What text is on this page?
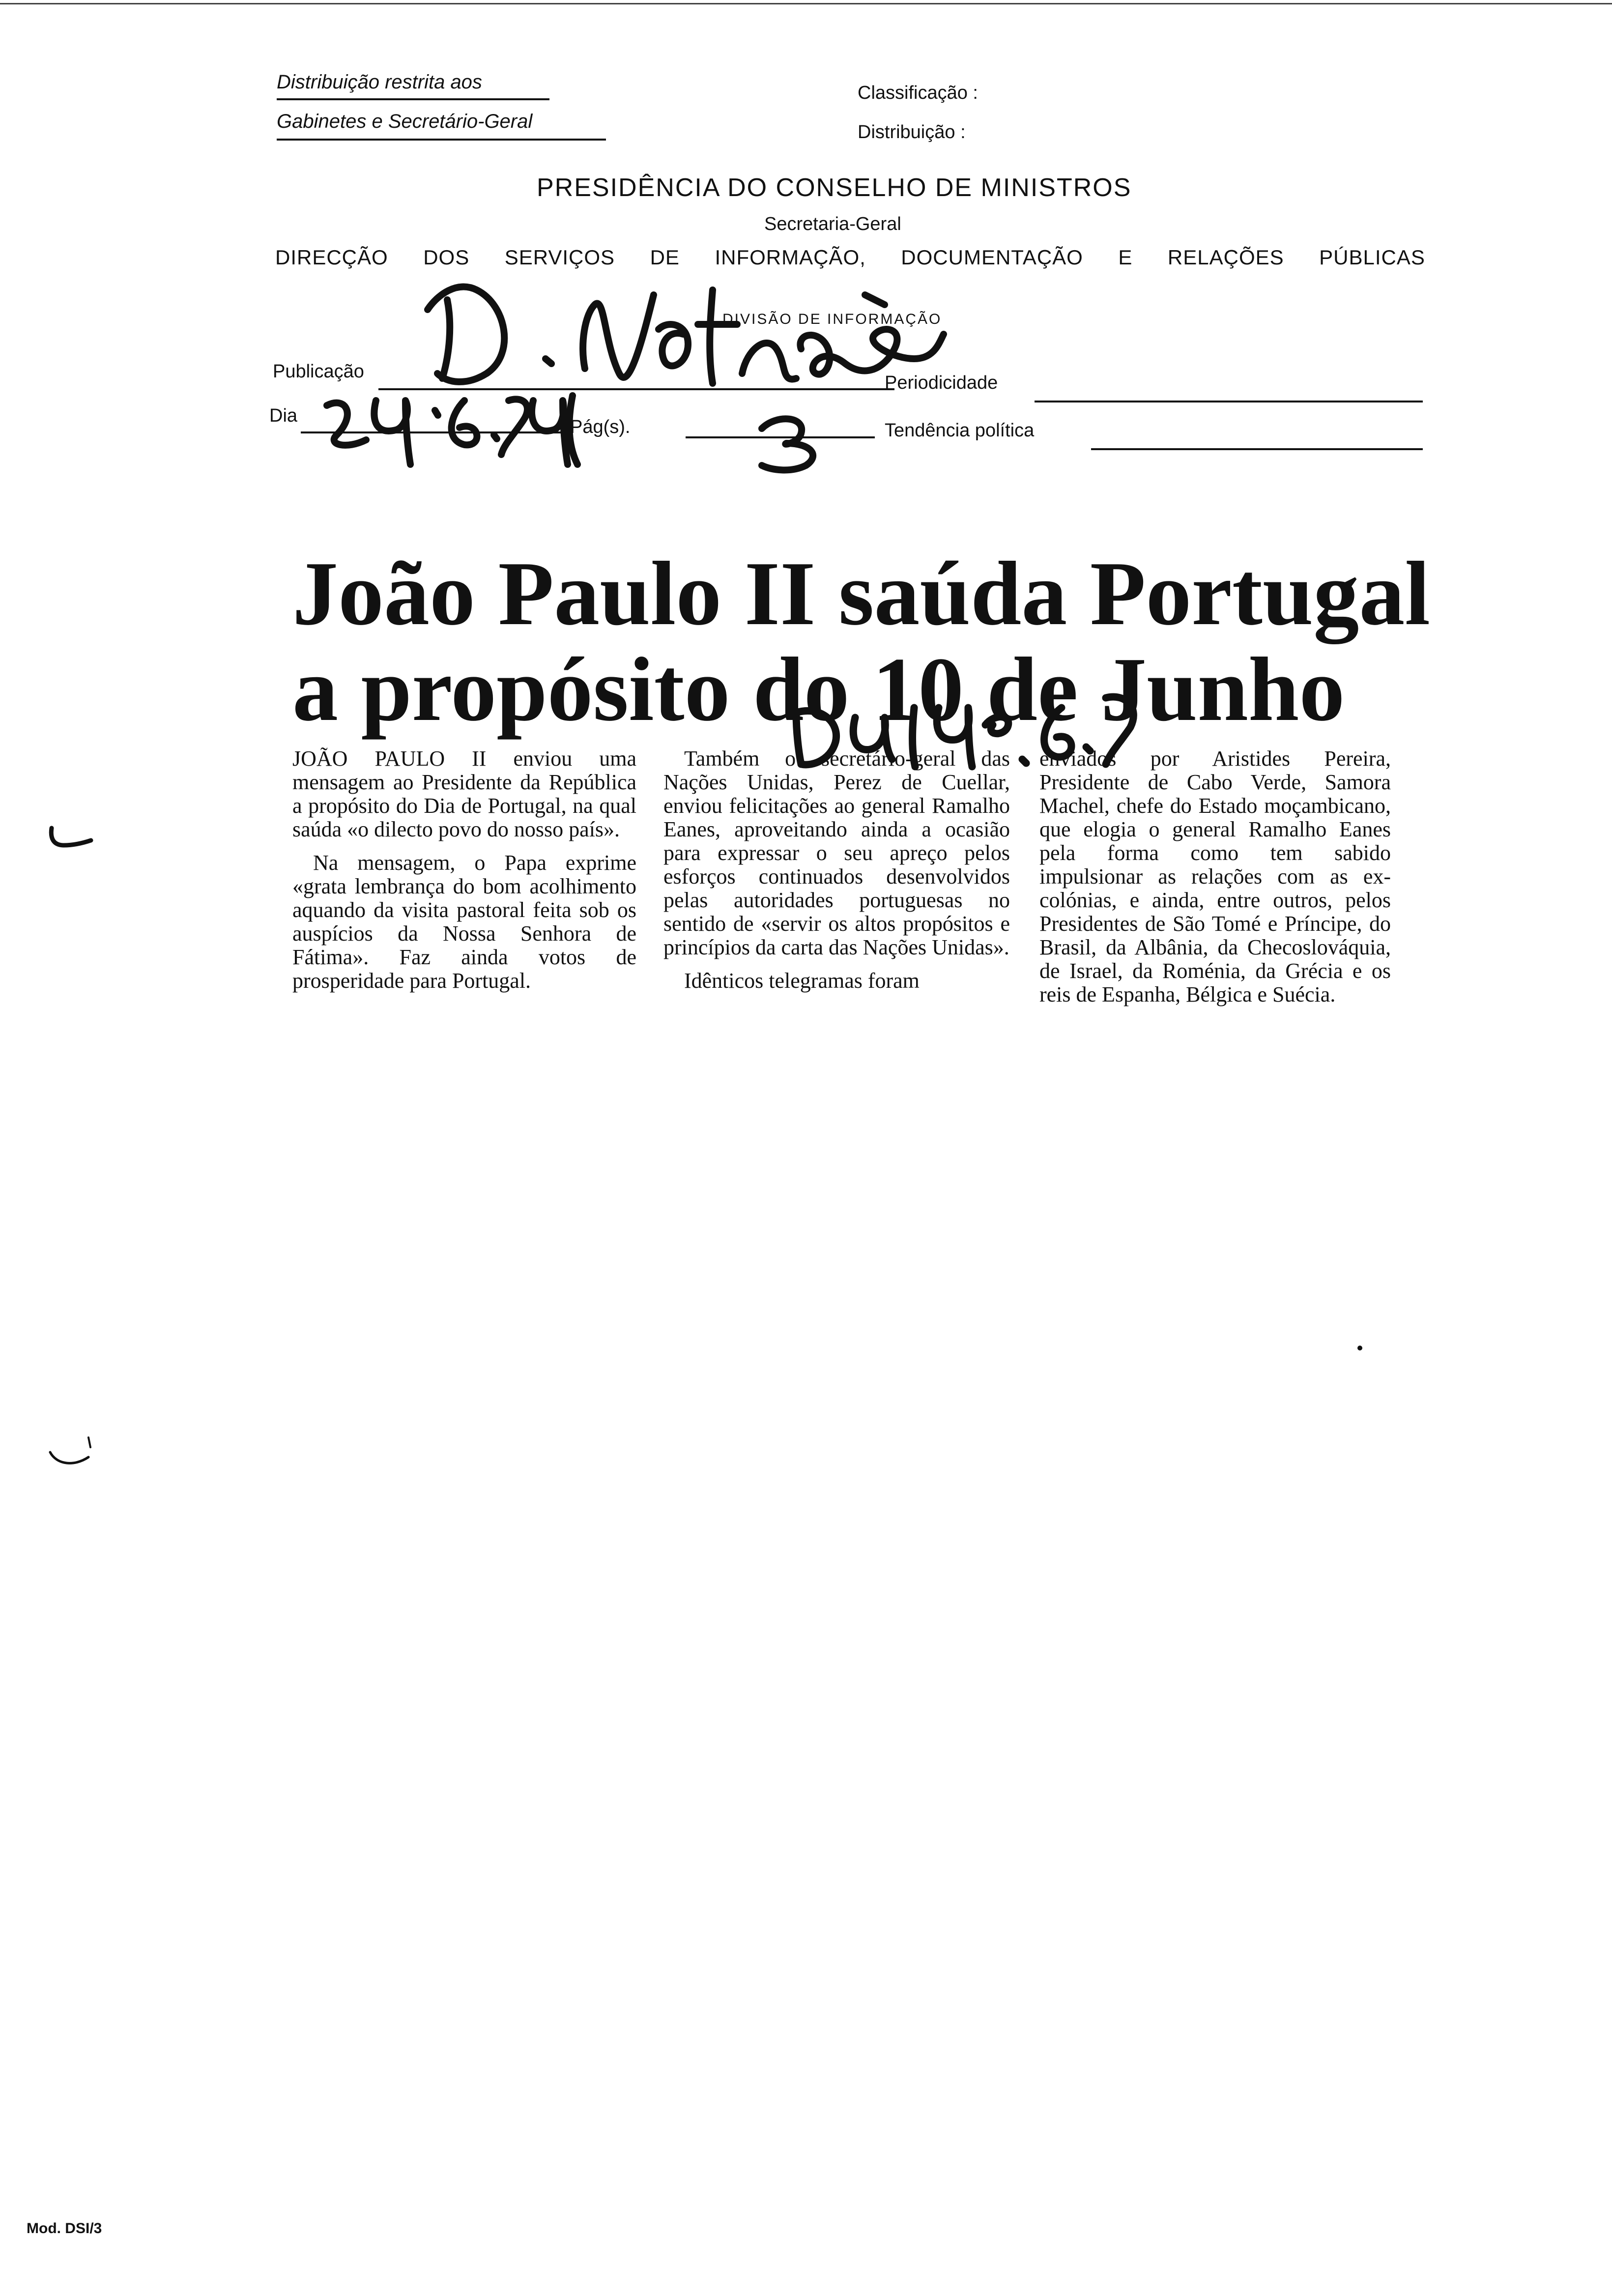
Distribuição restrita aos
Gabinetes e Secretário-Geral
Classificação :
Distribuição :
PRESIDÊNCIA DO CONSELHO DE MINISTROS
Secretaria-Geral
DIRECÇÃO DOS SERVIÇOS DE INFORMAÇÃO, DOCUMENTAÇÃO E RELAÇÕES PÚBLICAS
DIVISÃO DE INFORMAÇÃO
Publicação
Periodicidade
Dia
Pág(s).	Tendência política
João Paulo II saúda Portugal
a propósito do 10 de Junho

JOÃO PAULO II enviou uma mensagem ao Presidente da República a propósito do Dia de Portugal, na qual saúda «o dilecto povo do nosso país».

Na mensagem, o Papa exprime «grata lembrança do bom acolhimento aquando da visita pastoral feita sob os auspícios da Nossa Senhora de Fátima». Faz ainda votos de prosperidade para Portugal.

Também o secretário-geral das Nações Unidas, Perez de Cuellar, enviou felicitações ao general Ramalho Eanes, aproveitando ainda a ocasião para expressar o seu apreço pelos esforços continuados desenvolvidos pelas autoridades portuguesas no sentido de «servir os altos propósitos e princípios da carta das Nações Unidas».

Idênticos telegramas foram

enviados por Aristides Pereira, Presidente de Cabo Verde, Samora Machel, chefe do Estado moçambicano, que elogia o general Ramalho Eanes pela forma como tem sabido impulsionar as relações com as ex-colónias, e ainda, entre outros, pelos Presidentes de São Tomé e Príncipe, do Brasil, da Albânia, da Checoslováquia, de Israel, da Roménia, da Grécia e os reis de Espanha, Bélgica e Suécia.

Mod. DSI/3
